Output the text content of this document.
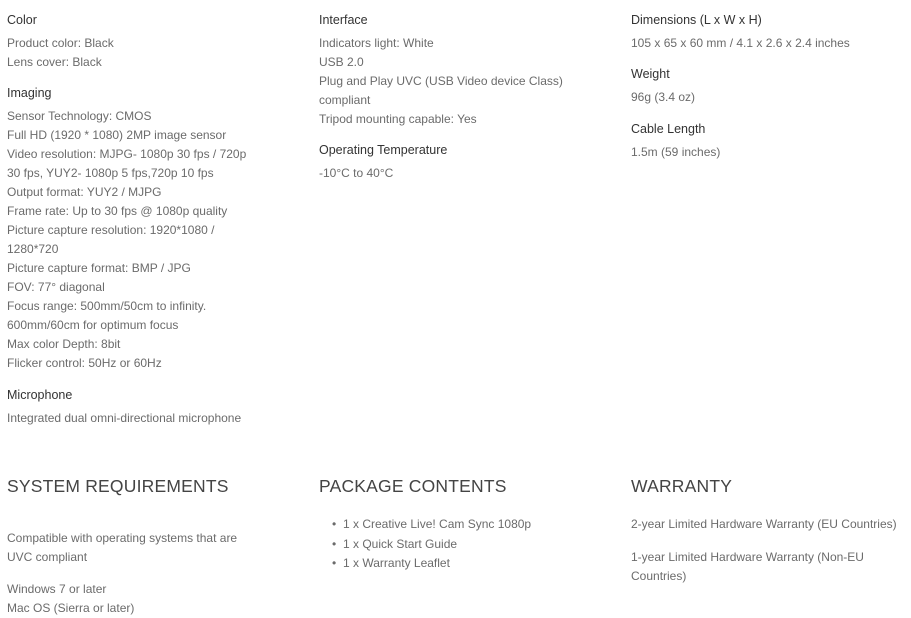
Color

Product color: Black
Lens cover: Black

Imaging

Sensor Technology: CMOS
Full HD (1920 * 1080) 2MP image sensor
Video resolution: MJPG- 1080p 30 fps / 720p
30 fps, YUY2- 1080p 5 fps,720p 10 fps
Output format: YUY2 / MJPG
Frame rate: Up to 30 fps @ 1080p quality
Picture capture resolution: 1920*1080 /
1280*720
Picture capture format: BMP / JPG
FOV: 77° diagonal
Focus range: 500mm/50cm to infinity.
600mm/60cm for optimum focus
Max color Depth: 8bit
Flicker control: 50Hz or 60Hz

Microphone

Integrated dual omni-directional microphone
SYSTEM REQUIREMENTS
Compatible with operating systems that are
UVC compliant
Windows 7 or later
Mac OS (Sierra or later)

Interface

Indicators light: White
USB 2.0
Plug and Play UVC (USB Video device Class)
compliant
Tripod mounting capable: Yes

Operating Temperature

-10°C to 40°C
PACKAGE CONTENTS
• 1 x Creative Live! Cam Sync 1080p
• 1 x Quick Start Guide
• 1 x Warranty Leaflet

Dimensions (L x W x H)

105 x 65 x 60 mm / 4.1 x 2.6 x 2.4 inches

Weight

96g (3.4 oz)

Cable Length

1.5m (59 inches)
WARRANTY
2-year Limited Hardware Warranty (EU Countries)
1-year Limited Hardware Warranty (Non-EU
Countries)
